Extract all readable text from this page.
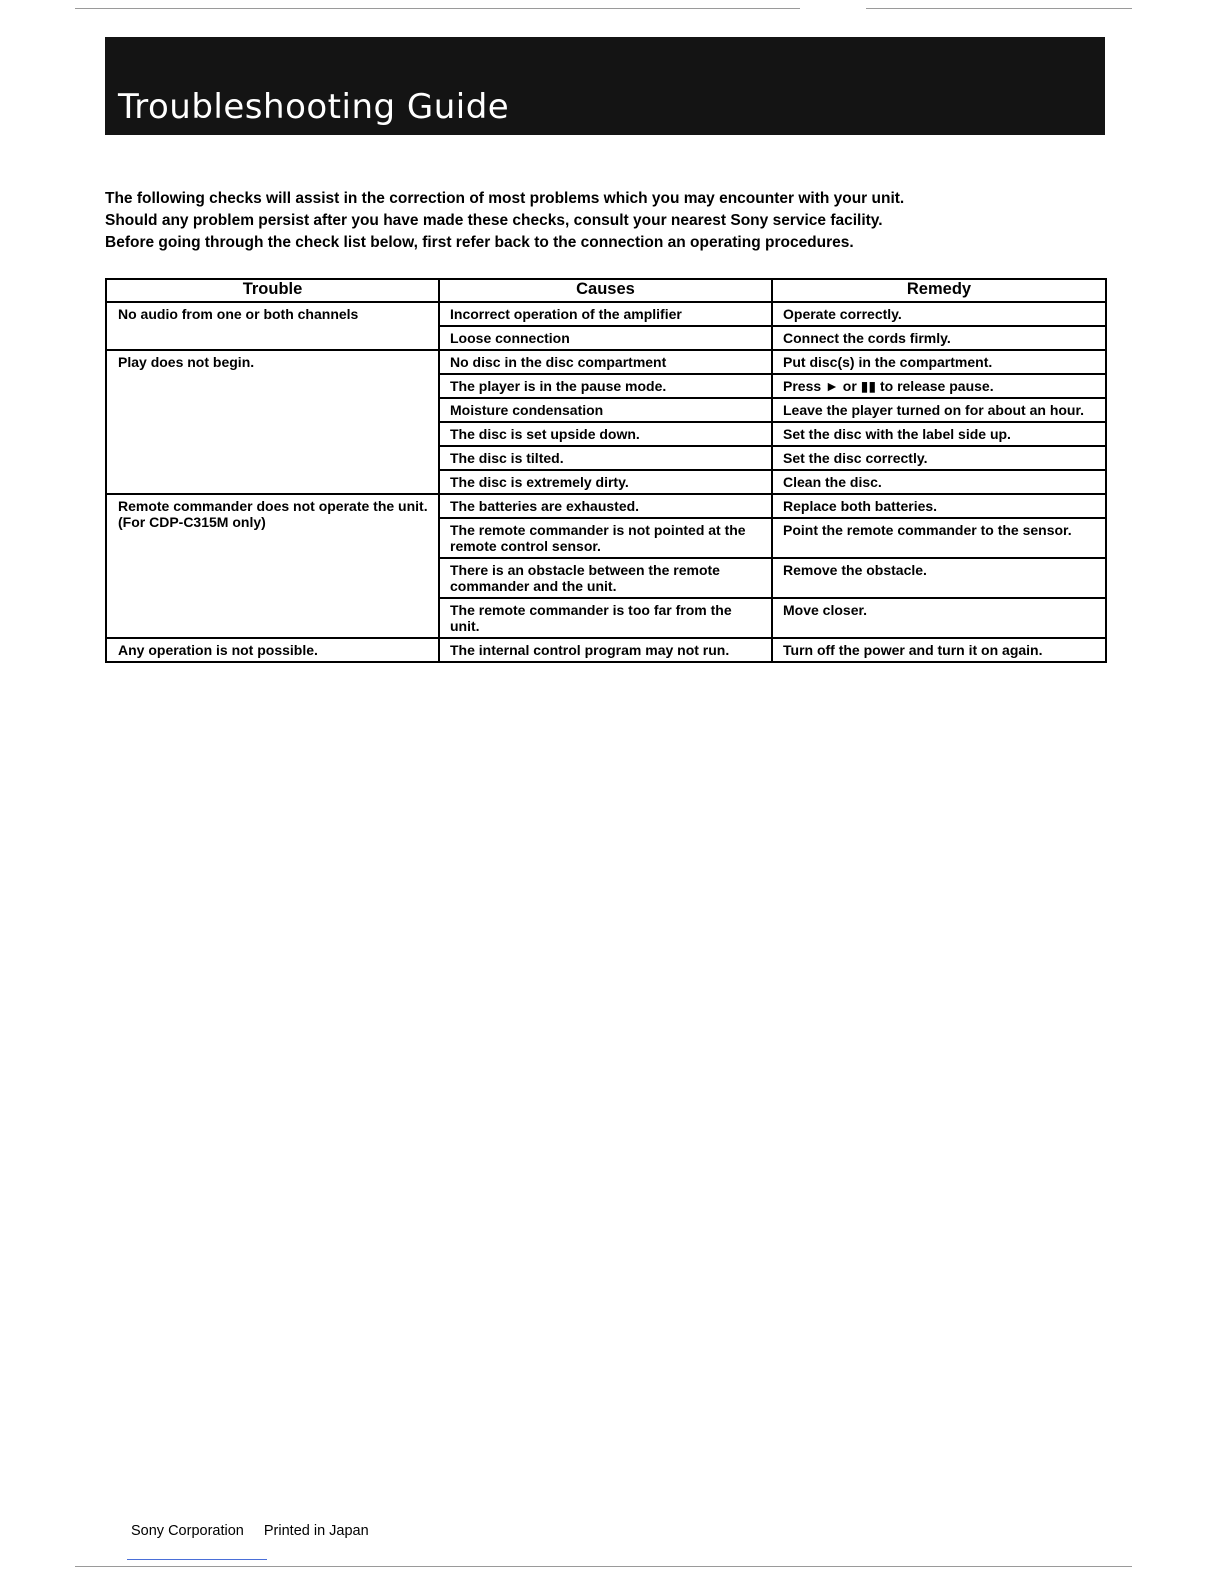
Troubleshooting Guide

The following checks will assist in the correction of most problems which you may encounter with your unit.

Should any problem persist after you have made these checks, consult your nearest Sony service facility.

Before going through the check list below, first refer back to the connection an operating procedures.

Trouble	Causes	Remedy
No audio from one or both channels	Incorrect operation of the amplifier	Operate correctly.
	Loose connection	Connect the cords firmly.
Play does not begin.	No disc in the disc compartment	Put disc(s) in the compartment.
	The player is in the pause mode.	Press ► or ▮▮ to release pause.
	Moisture condensation	Leave the player turned on for about an hour.
	The disc is set upside down.	Set the disc with the label side up.
	The disc is tilted.	Set the disc correctly.
	The disc is extremely dirty.	Clean the disc.
Remote commander does not operate the unit. (For CDP-C315M only)	The batteries are exhausted.	Replace both batteries.
	The remote commander is not pointed at the remote control sensor.	Point the remote commander to the sensor.
	There is an obstacle between the remote commander and the unit.	Remove the obstacle.
	The remote commander is too far from the unit.	Move closer.
Any operation is not possible.	The internal control program may not run.	Turn off the power and turn it on again.
Sony Corporation Printed in Japan
